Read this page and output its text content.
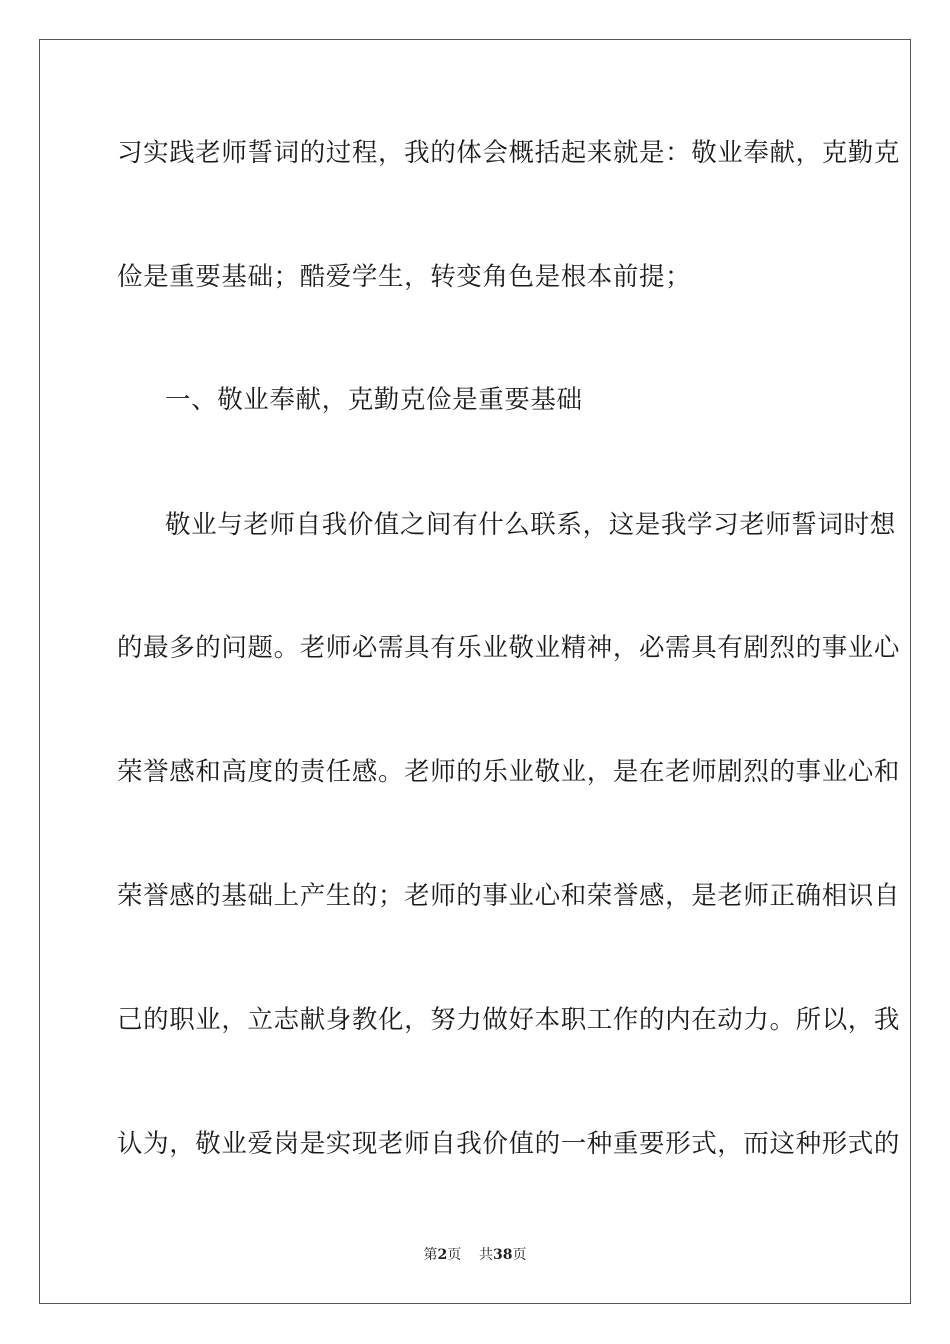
习实践老师誓词的过程，我的体会概括起来就是：敬业奉献，克勤克
俭是重要基础；酷爱学生，转变角色是根本前提；
一、敬业奉献，克勤克俭是重要基础
敬业与老师自我价值之间有什么联系，这是我学习老师誓词时想
的最多的问题。老师必需具有乐业敬业精神，必需具有剧烈的事业心
荣誉感和高度的责任感。老师的乐业敬业，是在老师剧烈的事业心和
荣誉感的基础上产生的；老师的事业心和荣誉感，是老师正确相识自
己的职业，立志献身教化，努力做好本职工作的内在动力。所以，我
认为，敬业爱岗是实现老师自我价值的一种重要形式，而这种形式的
第2页 共38页
